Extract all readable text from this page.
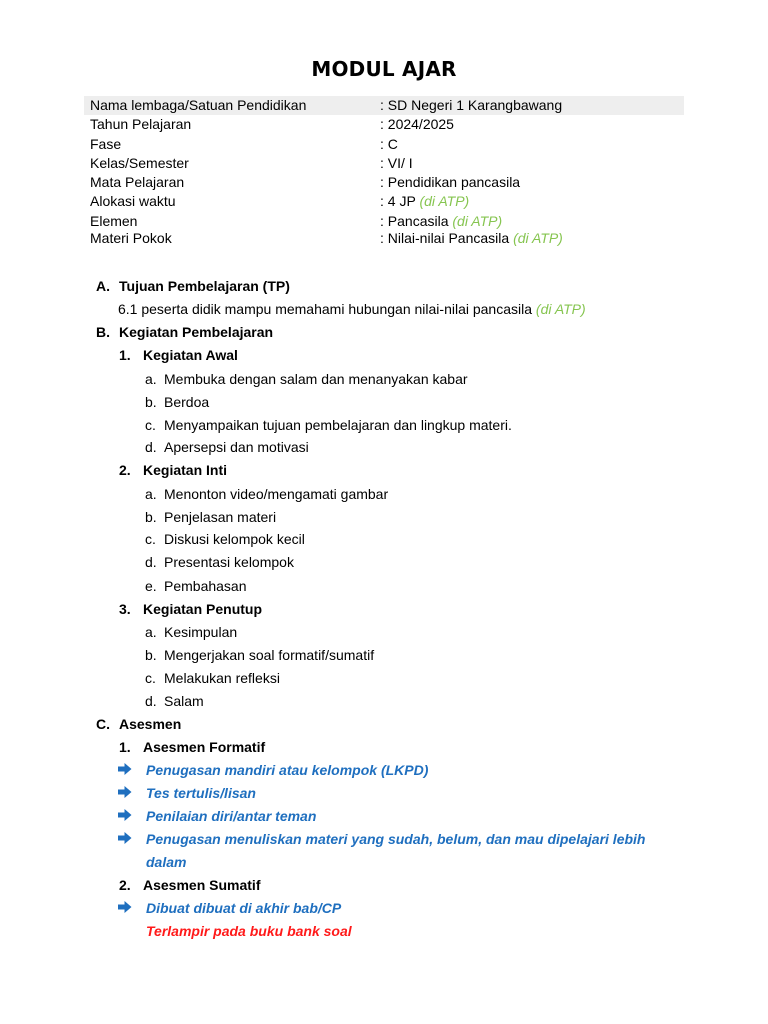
MODUL AJAR
Nama lembaga/Satuan Pendidikan	: SD Negeri 1 Karangbawang
Tahun Pelajaran	: 2024/2025
Fase	: C
Kelas/Semester	: VI/ I
Mata Pelajaran	: Pendidikan pancasila
Alokasi waktu	: 4 JP (di ATP)
Elemen	: Pancasila (di ATP)
Materi Pokok	: Nilai-nilai Pancasila (di ATP)
A. Tujuan Pembelajaran (TP)
6.1 peserta didik mampu memahami hubungan nilai-nilai pancasila (di ATP)
B. Kegiatan Pembelajaran
1. Kegiatan Awal
a. Membuka dengan salam dan menanyakan kabar
b. Berdoa
c. Menyampaikan tujuan pembelajaran dan lingkup materi.
d. Apersepsi dan motivasi
2. Kegiatan Inti
a. Menonton video/mengamati gambar
b. Penjelasan materi
c. Diskusi kelompok kecil
d. Presentasi kelompok
e. Pembahasan
3. Kegiatan Penutup
a. Kesimpulan
b. Mengerjakan soal formatif/sumatif
c. Melakukan refleksi
d. Salam
C. Asesmen
1. Asesmen Formatif
Penugasan mandiri atau kelompok (LKPD)
Tes tertulis/lisan
Penilaian diri/antar teman
Penugasan menuliskan materi yang sudah, belum, dan mau dipelajari lebih
dalam
2. Asesmen Sumatif
Dibuat dibuat di akhir bab/CP
Terlampir pada buku bank soal
